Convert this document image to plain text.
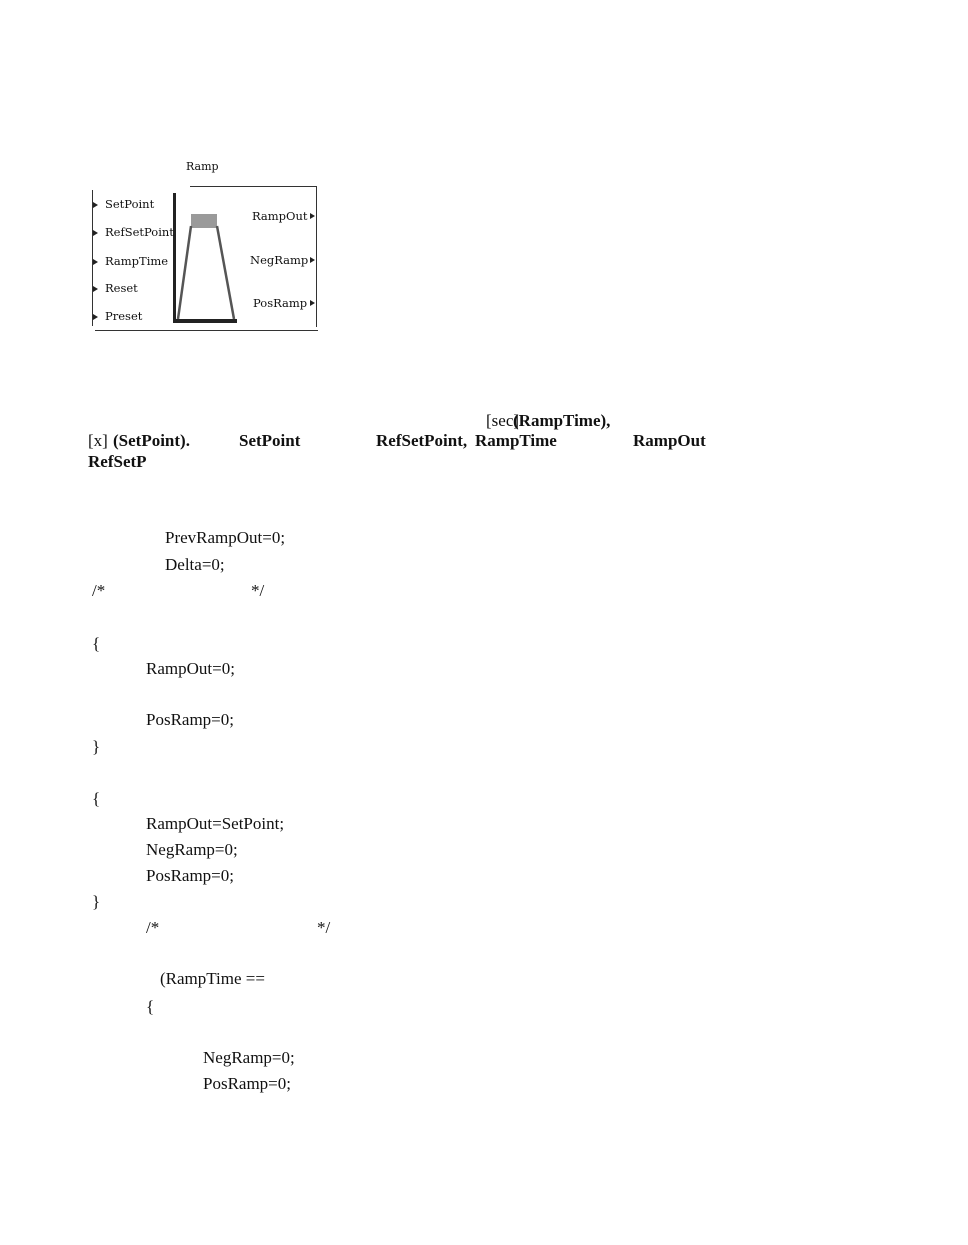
Ramp
SetPoint
RefSetPoint
RampTime
Reset
Preset
RampOut
NegRamp
PosRamp
[sec]
(RampTime),
[x] (SetPoint).	SetPoint	RefSetPoint, RampTime	RampOut
RefSetP
PrevRampOut=0;
Delta=0;
/*	*/
{
RampOut=0;
PosRamp=0;
}
{
RampOut=SetPoint;
NegRamp=0;
PosRamp=0;
}
/*	*/
(RampTime ==
{
NegRamp=0;
PosRamp=0;
